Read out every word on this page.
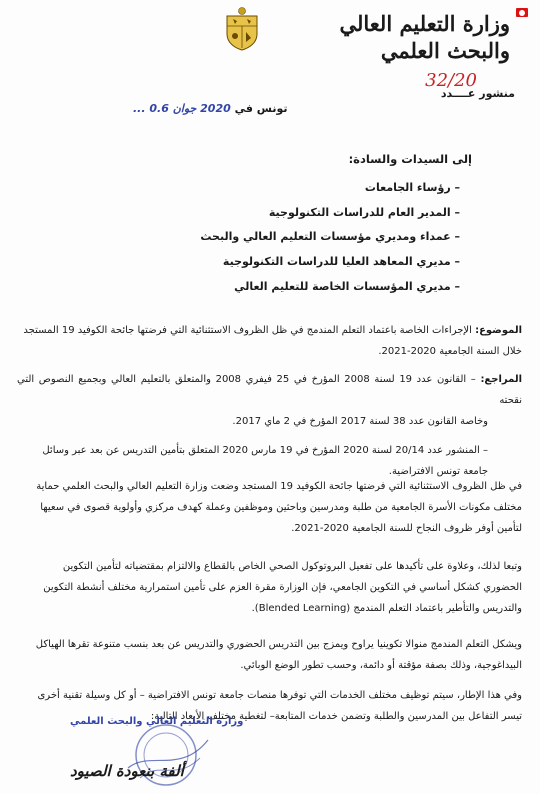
وزارة التعليم العالي
والبحث العلمي
32/20
منشور عــــدد
تونس في 2020 جوان 0.6 ...
إلى السيدات والسادة:
– رؤساء الجامعات
– المدير العام للدراسات التكنولوجية
– عمداء ومديري مؤسسات التعليم العالي والبحث
– مديري المعاهد العليا للدراسات التكنولوجية
– مديري المؤسسات الخاصة للتعليم العالي
الموضوع: الإجراءات الخاصة باعتماد التعلم المندمج في ظل الظروف الاستثنائية التي فرضتها جائحة الكوفيد 19 المستجد
خلال السنة الجامعية 2020-2021.
المراجع: – القانون عدد 19 لسنة 2008 المؤرخ في 25 فيفري 2008 والمتعلق بالتعليم العالي وبجميع النصوص التي نقحته
وخاصة القانون عدد 38 لسنة 2017 المؤرخ في 2 ماي 2017.
– المنشور عدد 20/14 لسنة 2020 المؤرخ في 19 مارس 2020 المتعلق بتأمين التدريس عن بعد عبر وسائل
جامعة تونس الافتراضية.
في ظل الظروف الاستثنائية التي فرضتها جائحة الكوفيد 19 المستجد وضعت وزارة التعليم العالي والبحث العلمي حماية
مختلف مكونات الأسرة الجامعية من طلبة ومدرسين وباحثين وموظفين وعملة كهدف مركزي وأولوية قصوى في سعيها
لتأمين أوفر ظروف النجاح للسنة الجامعية 2020-2021.
وتبعا لذلك، وعلاوة على تأكيدها على تفعيل البروتوكول الصحي الخاص بالقطاع والالتزام بمقتضياته لتأمين التكوين
الحضوري كشكل أساسي في التكوين الجامعي، فإن الوزارة مقرة العزم على تأمين استمرارية مختلف أنشطة التكوين
والتدريس والتأطير باعتماد التعلم المندمج (Blended Learning).
ويشكل التعلم المندمج منوالا تكوينيا يراوح ويمزج بين التدريس الحضوري والتدريس عن بعد بنسب متنوعة تقرها الهياكل
البيداغوجية، وذلك بصفة مؤقتة أو دائمة، وحسب تطور الوضع الوبائي.
وفي هذا الإطار، سيتم توظيف مختلف الخدمات التي توفرها منصات جامعة تونس الافتراضية – أو كل وسيلة تقنية أخرى
تيسر التفاعل بين المدرسين والطلبة وتضمن خدمات المتابعة– لتغطية مختلف الأبعاد التالية:
وزارة التعليم العالي والبحث العلمي
ألفة بنعودة الصيود
